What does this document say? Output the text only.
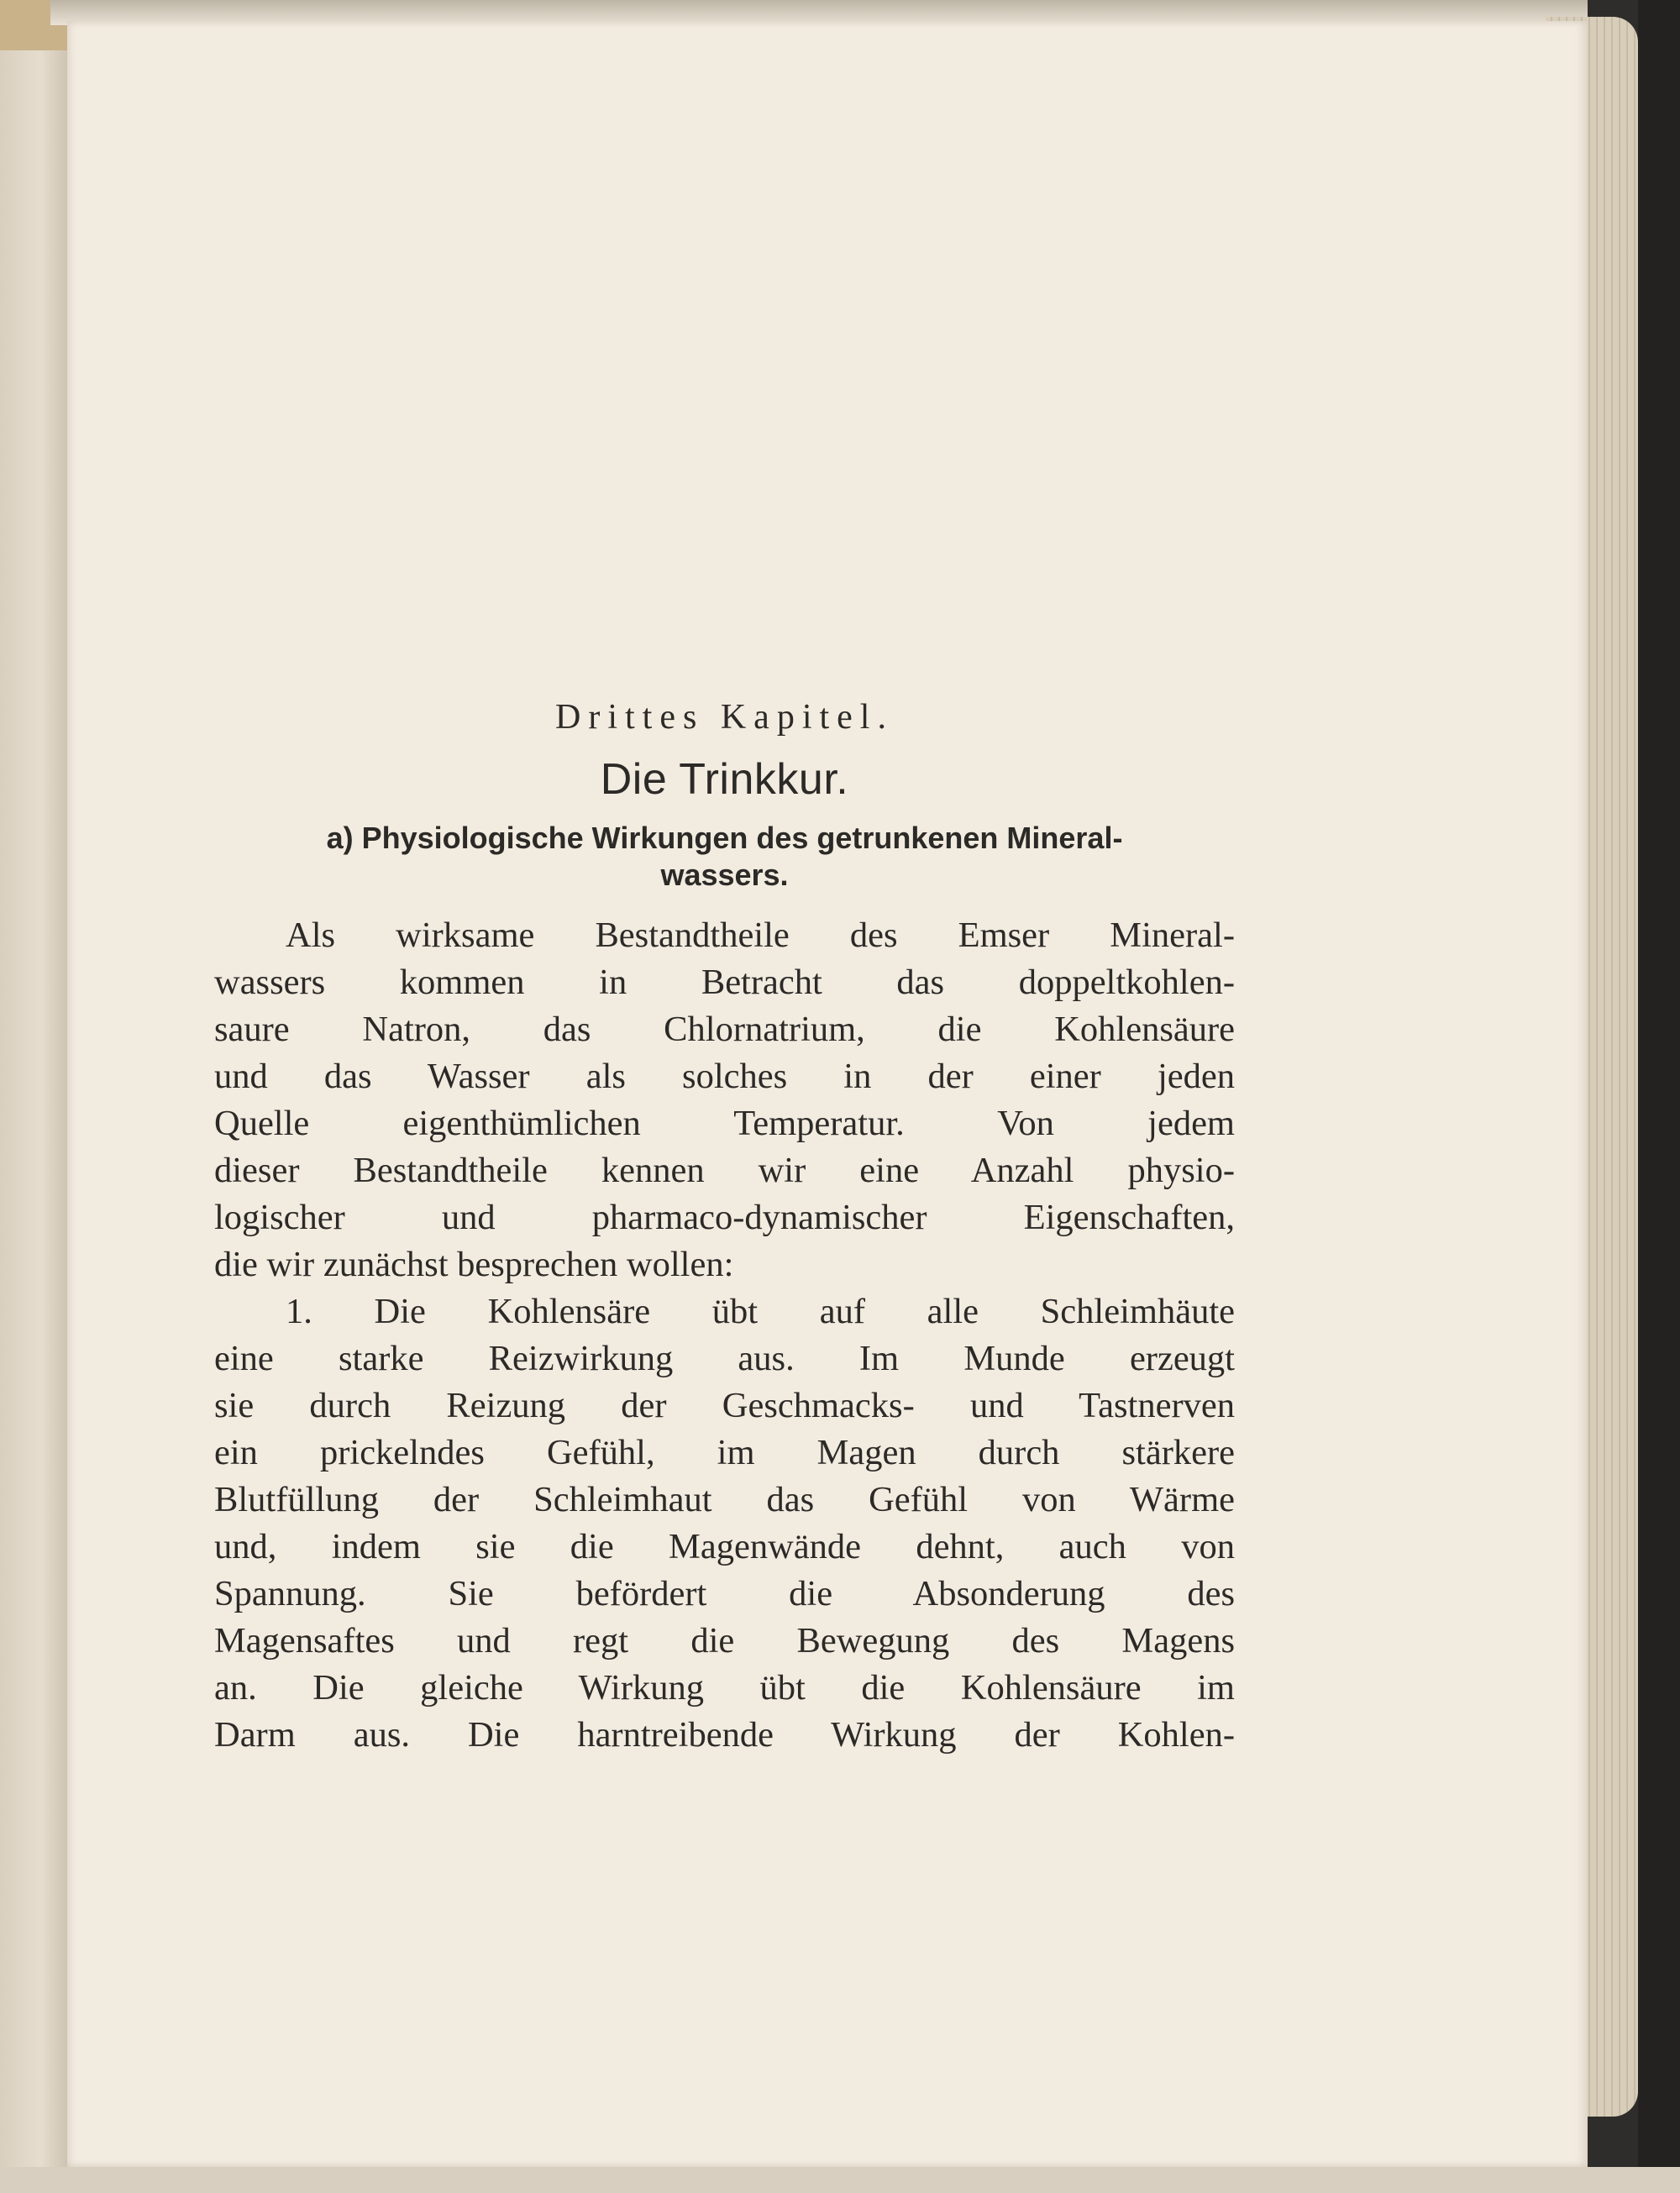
Drittes Kapitel.
Die Trinkkur.
a) Physiologische Wirkungen des getrunkenen Mineral-
wassers.
Als wirksame Bestandtheile des Emser Mineral-
wassers kommen in Betracht das doppeltkohlen-
saure Natron, das Chlornatrium, die Kohlensäure
und das Wasser als solches in der einer jeden
Quelle eigenthümlichen Temperatur. Von jedem
dieser Bestandtheile kennen wir eine Anzahl physio-
logischer und pharmaco-dynamischer Eigenschaften,
die wir zunächst besprechen wollen:
1. Die Kohlensäre übt auf alle Schleimhäute
eine starke Reizwirkung aus. Im Munde erzeugt
sie durch Reizung der Geschmacks- und Tastnerven
ein prickelndes Gefühl, im Magen durch stärkere
Blutfüllung der Schleimhaut das Gefühl von Wärme
und, indem sie die Magenwände dehnt, auch von
Spannung. Sie befördert die Absonderung des
Magensaftes und regt die Bewegung des Magens
an. Die gleiche Wirkung übt die Kohlensäure im
Darm aus. Die harntreibende Wirkung der Kohlen-
